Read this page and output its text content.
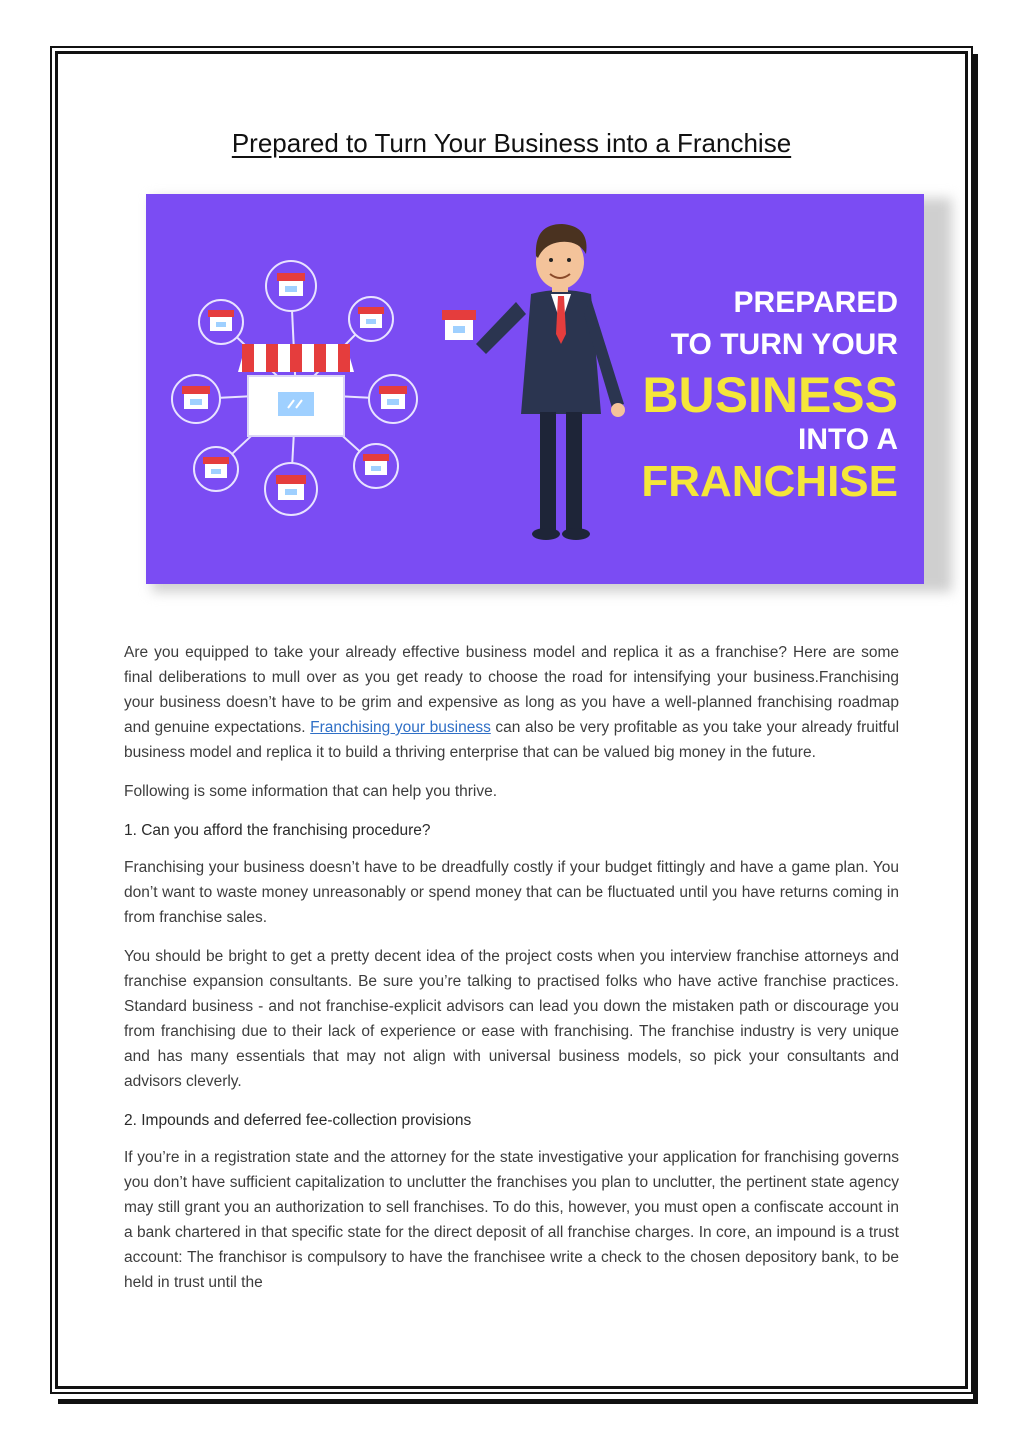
Prepared to Turn Your Business into a Franchise
PREPARED
TO TURN YOUR
BUSINESS
INTO A
FRANCHISE

Are you equipped to take your already effective business model and replica it as a franchise? Here are some final deliberations to mull over as you get ready to choose the road for intensifying your business.Franchising your business doesn’t have to be grim and expensive as long as you have a well-planned franchising roadmap and genuine expectations. Franchising your business can also be very profitable as you take your already fruitful business model and replica it to build a thriving enterprise that can be valued big money in the future.

Following is some information that can help you thrive.

1. Can you afford the franchising procedure?

Franchising your business doesn’t have to be dreadfully costly if your budget fittingly and have a game plan. You don’t want to waste money unreasonably or spend money that can be fluctuated until you have returns coming in from franchise sales.

You should be bright to get a pretty decent idea of the project costs when you interview franchise attorneys and franchise expansion consultants. Be sure you’re talking to practised folks who have active franchise practices. Standard business - and not franchise-explicit advisors can lead you down the mistaken path or discourage you from franchising due to their lack of experience or ease with franchising. The franchise industry is very unique and has many essentials that may not align with universal business models, so pick your consultants and advisors cleverly.

2. Impounds and deferred fee-collection provisions

If you’re in a registration state and the attorney for the state investigative your application for franchising governs you don’t have sufficient capitalization to unclutter the franchises you plan to unclutter, the pertinent state agency may still grant you an authorization to sell franchises. To do this, however, you must open a confiscate account in a bank chartered in that specific state for the direct deposit of all franchise charges. In core, an impound is a trust account: The franchisor is compulsory to have the franchisee write a check to the chosen depository bank, to be held in trust until the
